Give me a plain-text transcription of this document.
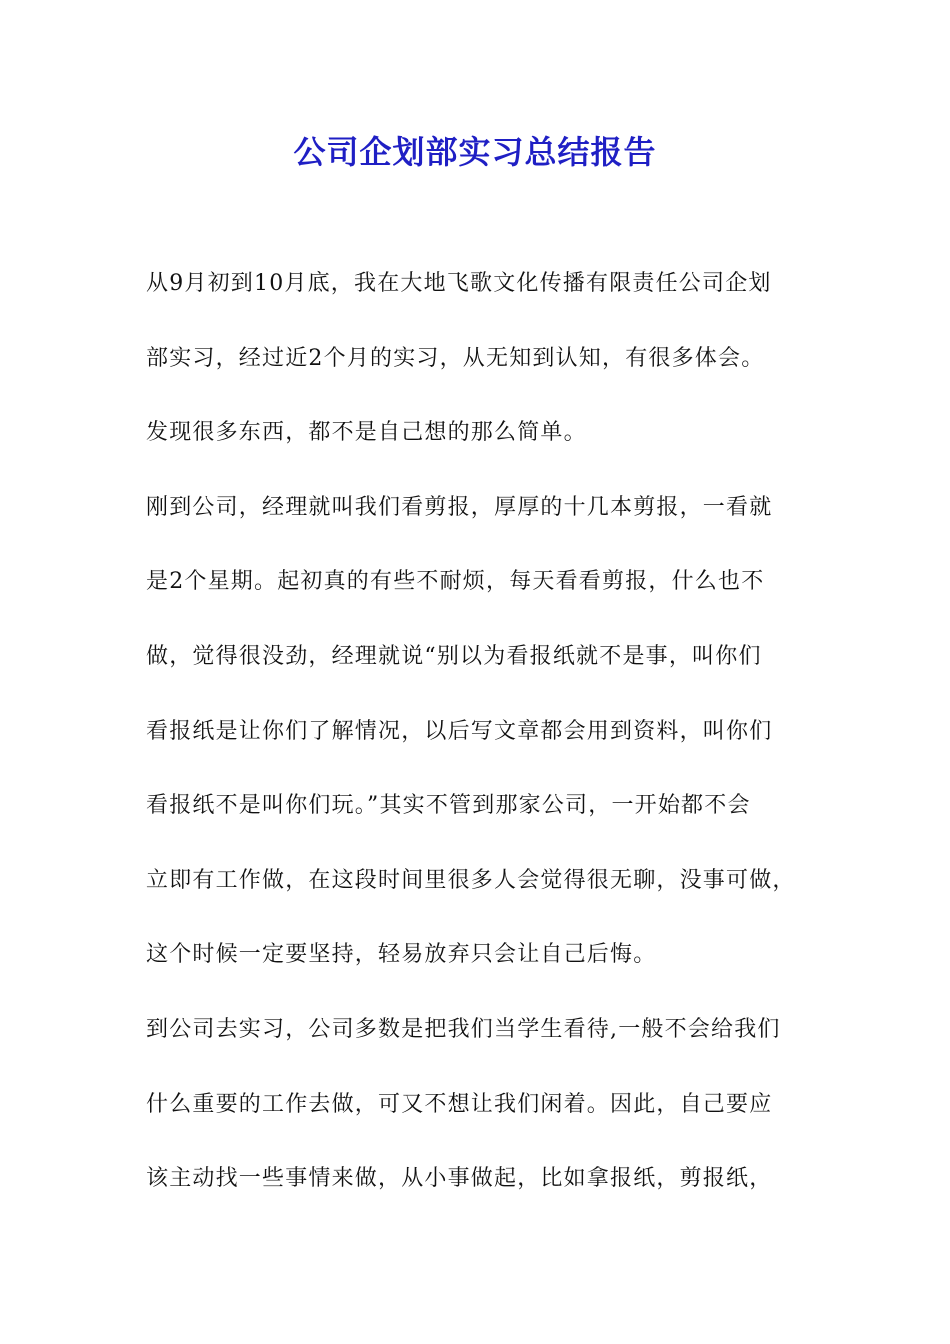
公司企划部实习总结报告
从9月初到10月底，我在大地飞歌文化传播有限责任公司企划
部实习，经过近2个月的实习，从无知到认知，有很多体会。
发现很多东西，都不是自己想的那么简单。
刚到公司，经理就叫我们看剪报，厚厚的十几本剪报，一看就
是2个星期。起初真的有些不耐烦，每天看看剪报，什么也不
做，觉得很没劲，经理就说“别以为看报纸就不是事，叫你们
看报纸是让你们了解情况，以后写文章都会用到资料，叫你们
看报纸不是叫你们玩。”其实不管到那家公司，一开始都不会
立即有工作做，在这段时间里很多人会觉得很无聊，没事可做，
这个时候一定要坚持，轻易放弃只会让自己后悔。
到公司去实习，公司多数是把我们当学生看待,一般不会给我们
什么重要的工作去做，可又不想让我们闲着。因此，自己要应
该主动找一些事情来做，从小事做起，比如拿报纸，剪报纸，
